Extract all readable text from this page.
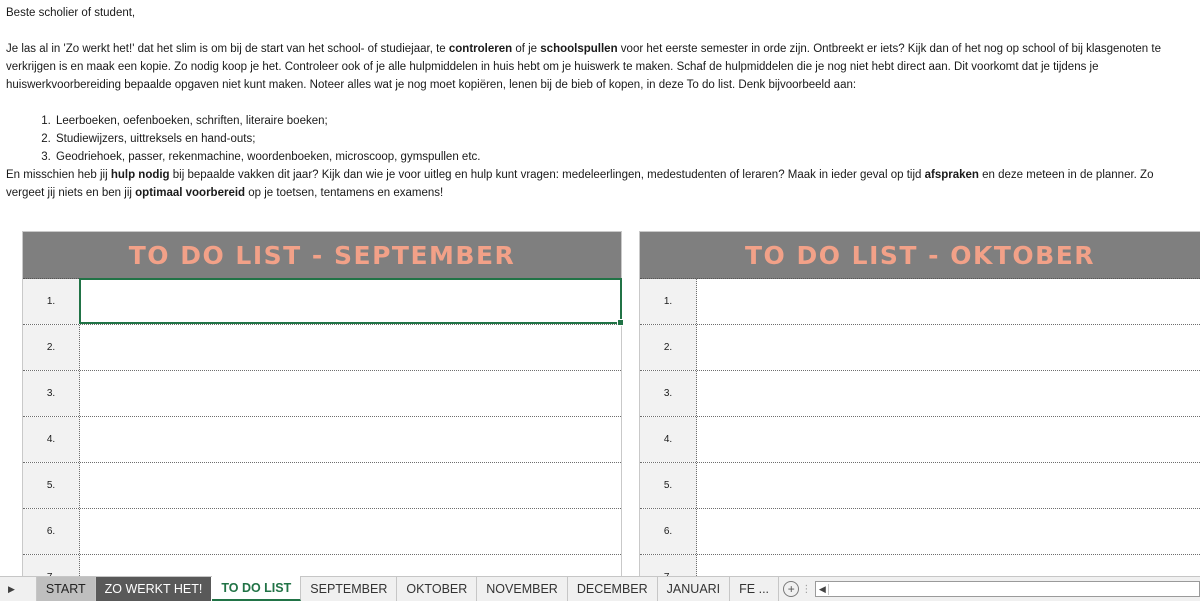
Beste scholier of student,

Je las al in 'Zo werkt het!' dat het slim is om bij de start van het school- of studiejaar, te controleren of je schoolspullen voor het eerste semester in orde zijn. Ontbreekt er iets? Kijk dan of het nog op school of bij klasgenoten te verkrijgen is en maak een kopie. Zo nodig koop je het. Controleer ook of je alle hulpmiddelen in huis hebt om je huiswerk te maken. Schaf de hulpmiddelen die je nog niet hebt direct aan. Dit voorkomt dat je tijdens je huiswerkvoorbereiding bepaalde opgaven niet kunt maken. Noteer alles wat je nog moet kopiëren, lenen bij de bieb of kopen, in deze To do list. Denk bijvoorbeeld aan:

1. Leerboeken, oefenboeken, schriften, literaire boeken;
2. Studiewijzers, uittreksels en hand-outs;
3. Geodriehoek, passer, rekenmachine, woordenboeken, microscoop, gymspullen etc.

En misschien heb jij hulp nodig bij bepaalde vakken dit jaar? Kijk dan wie je voor uitleg en hulp kunt vragen: medeleerlingen, medestudenten of leraren? Maak in ieder geval op tijd afspraken en deze meteen in de planner. Zo vergeet jij niets en ben jij optimaal voorbereid op je toetsen, tentamens en examens!

TO DO LIST - SEPTEMBER
1.
2.
3.
4.
5.
6.
TO DO LIST - OKTOBER
1.
2.
3.
4.
5.
6.
▶	START	ZO WERKT HET!	TO DO LIST	SEPTEMBER	OKTOBER	NOVEMBER	DECEMBER	JANUARI	FE ...	+ ⋮ ◀
